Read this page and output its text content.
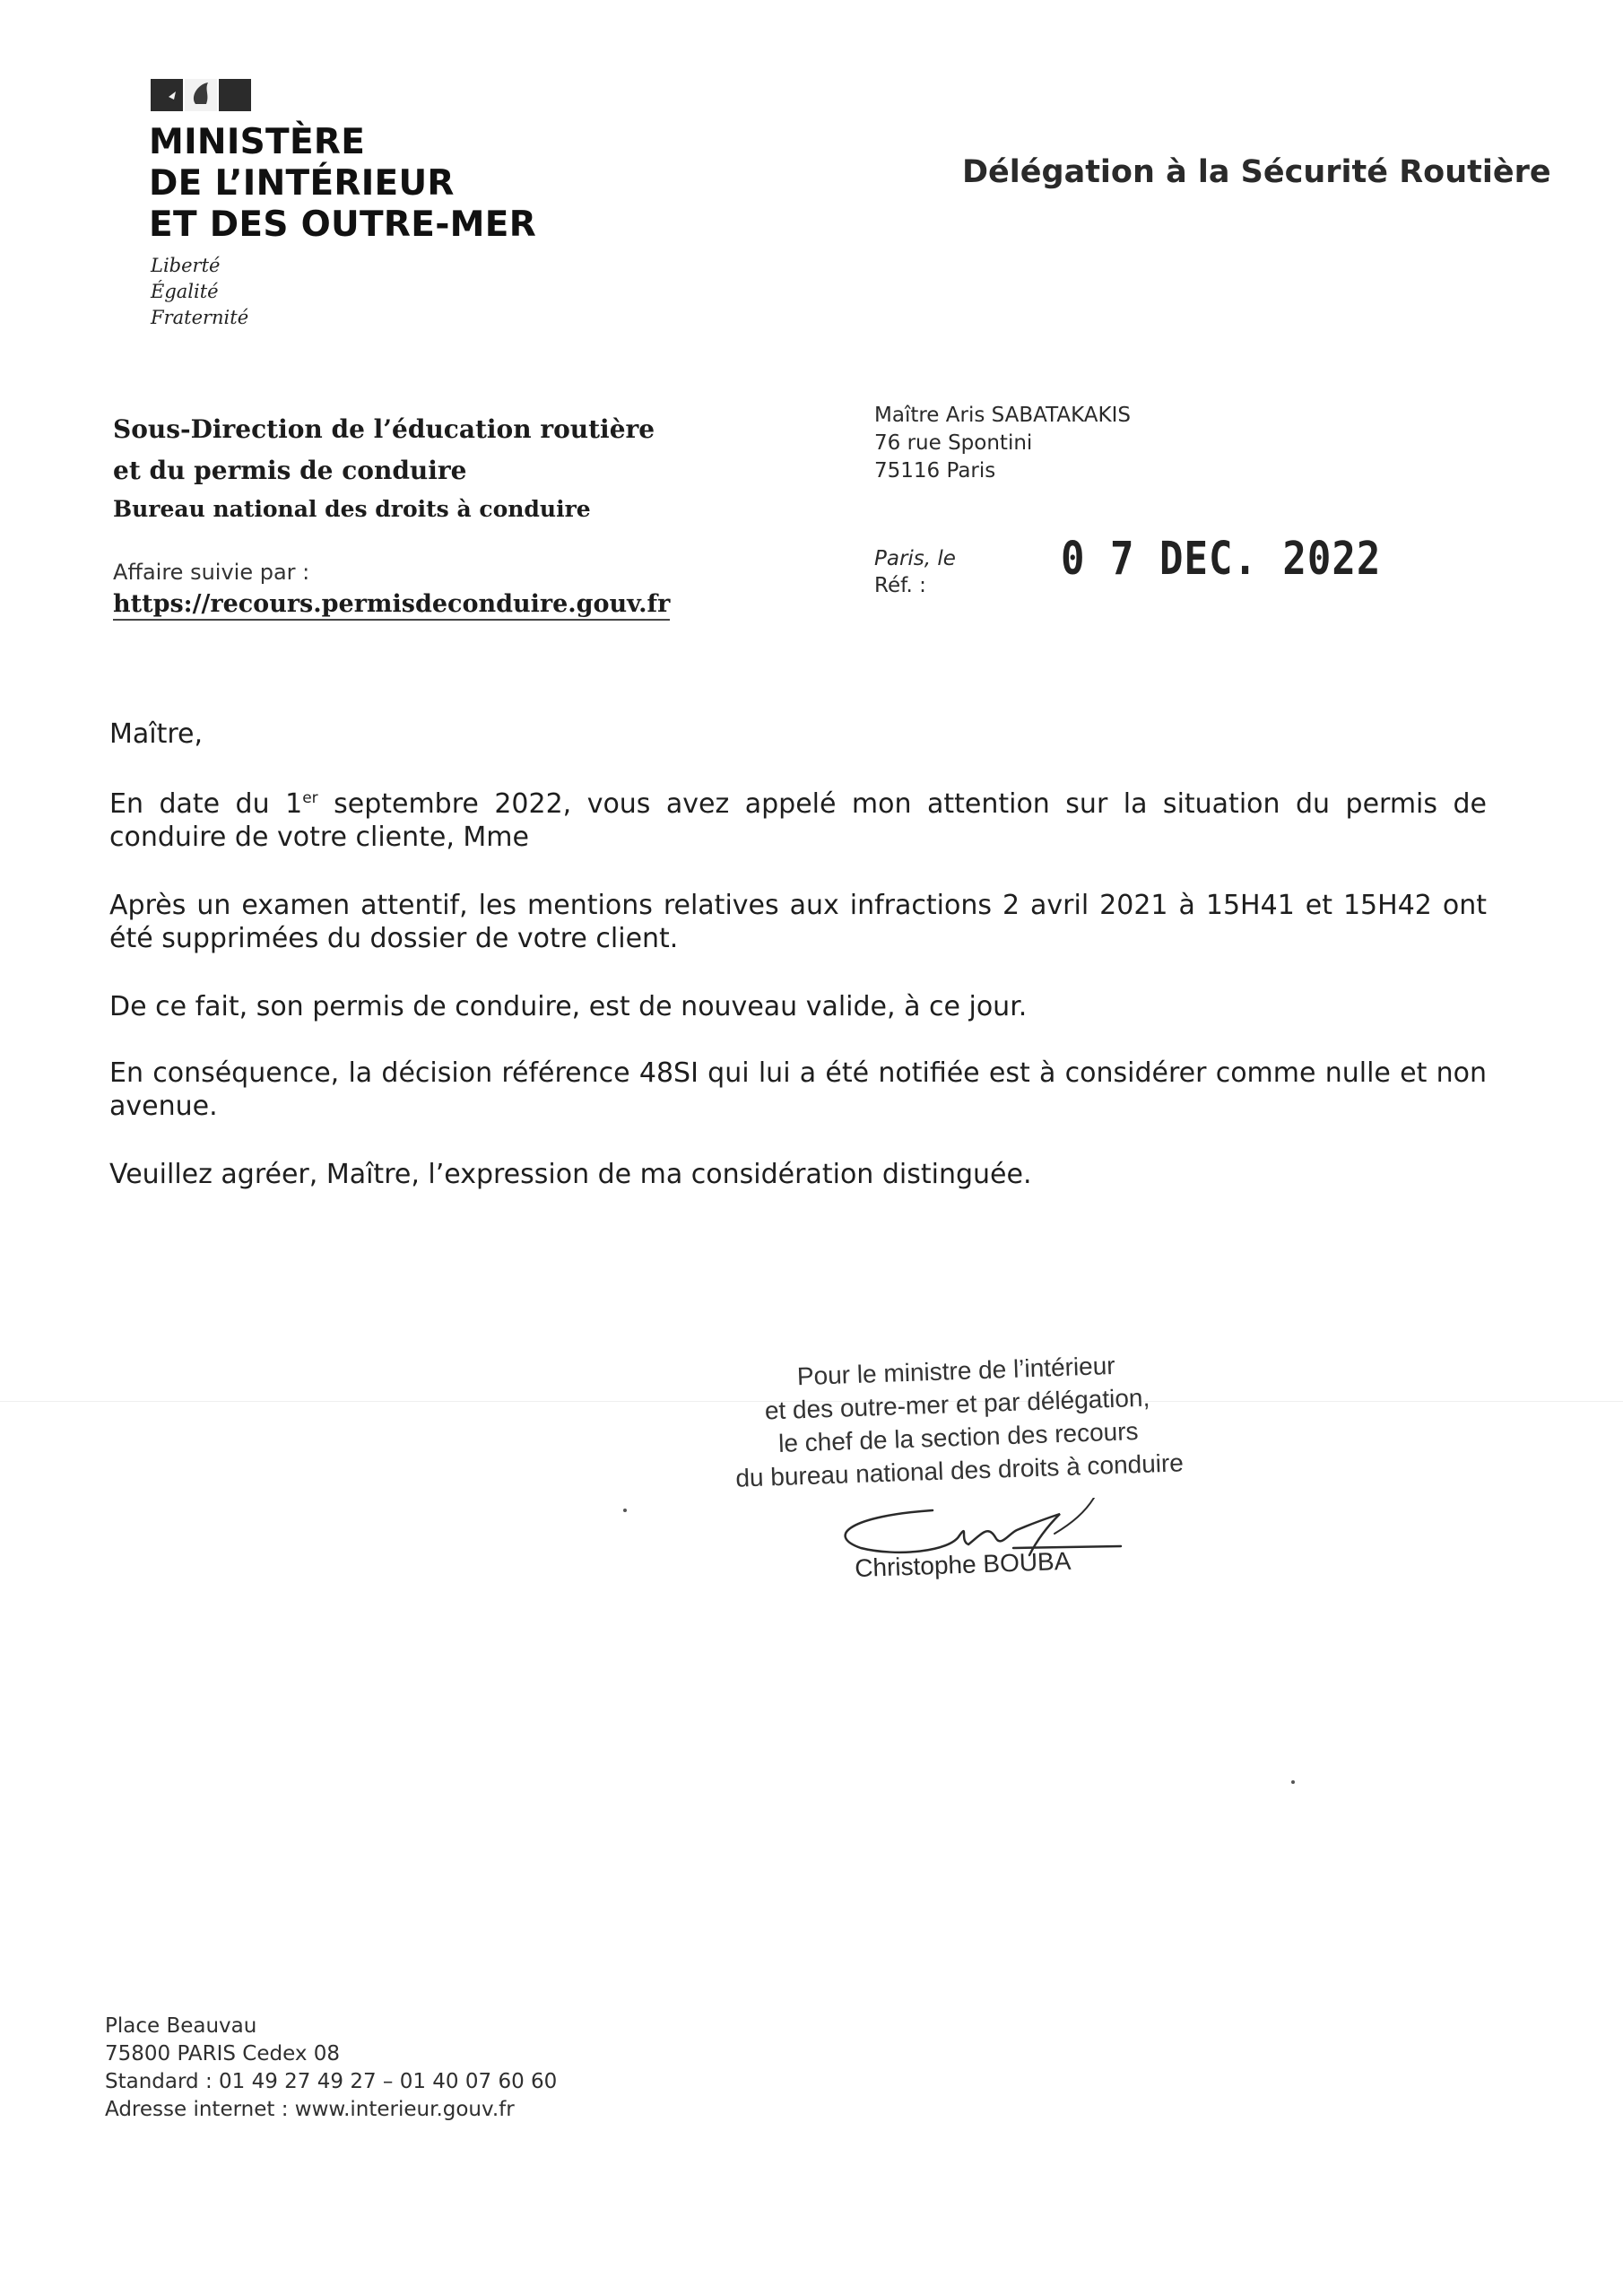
MINISTÈRE
DE L’INTÉRIEUR
ET DES OUTRE-MER
Liberté
Égalité
Fraternité
Délégation à la Sécurité Routière
Sous-Direction de l’éducation routière
et du permis de conduire
Bureau national des droits à conduire
Affaire suivie par :
https://recours.permisdeconduire.gouv.fr
Maître Aris SABATAKAKIS
76 rue Spontini
75116 Paris
Paris, le
Réf. :
0 7 DEC. 2022
Maître,
En date du 1er septembre 2022, vous avez appelé mon attention sur la situation du permis de conduire de votre cliente, Mme
Après un examen attentif, les mentions relatives aux infractions 2 avril 2021 à 15H41 et 15H42 ont été supprimées du dossier de votre client.
De ce fait, son permis de conduire, est de nouveau valide, à ce jour.
En conséquence, la décision référence 48SI qui lui a été notifiée est à considérer comme nulle et non avenue.
Veuillez agréer, Maître, l’expression de ma considération distinguée.
Pour le ministre de l’intérieur
et des outre-mer et par délégation,
le chef de la section des recours
du bureau national des droits à conduire
Christophe BOUBA
Place Beauvau
75800 PARIS Cedex 08
Standard : 01 49 27 49 27 – 01 40 07 60 60
Adresse internet : www.interieur.gouv.fr
